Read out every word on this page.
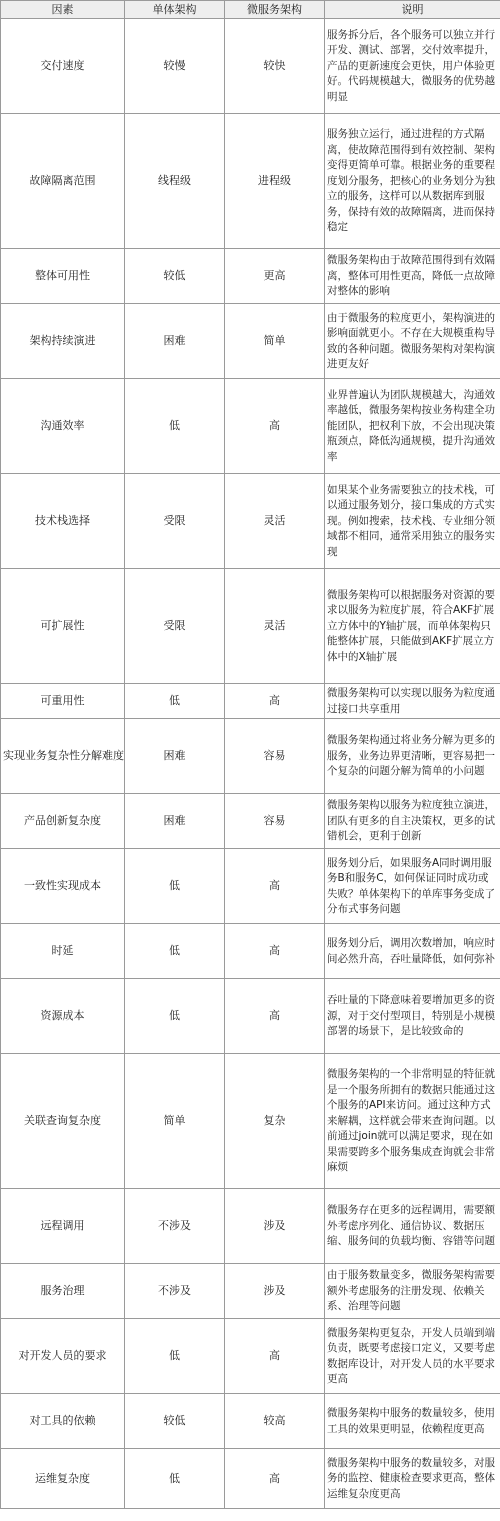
因素	单体架构	微服务架构	说明
交付速度	较慢	较快	服务拆分后，各个服务可以独立并行开发、测试、部署，交付效率提升，产品的更新速度会更快，用户体验更好。代码规模越大，微服务的优势越明显
故障隔离范围	线程级	进程级	服务独立运行，通过进程的方式隔离，使故障范围得到有效控制、架构变得更简单可靠。根据业务的重要程度划分服务，把核心的业务划分为独立的服务，这样可以从数据库到服务，保持有效的故障隔离，进而保持稳定
整体可用性	较低	更高	微服务架构由于故障范围得到有效隔离，整体可用性更高，降低一点故障对整体的影响
架构持续演进	困难	简单	由于微服务的粒度更小，架构演进的影响面就更小。不存在大规模重构导致的各种问题。微服务架构对架构演进更友好
沟通效率	低	高	业界普遍认为团队规模越大，沟通效率越低，微服务架构按业务构建全功能团队，把权利下放，不会出现决策瓶颈点，降低沟通规模，提升沟通效率
技术栈选择	受限	灵活	如果某个业务需要独立的技术栈，可以通过服务划分，接口集成的方式实现。例如搜索，技术栈、专业细分领域都不相同，通常采用独立的服务实现
可扩展性	受限	灵活	微服务架构可以根据服务对资源的要求以服务为粒度扩展，符合AKF扩展立方体中的Y轴扩展，而单体架构只能整体扩展，只能做到AKF扩展立方体中的X轴扩展
可重用性	低	高	微服务架构可以实现以服务为粒度通过接口共享重用
实现业务复杂性分解难度	困难	容易	微服务架构通过将业务分解为更多的服务，业务边界更清晰，更容易把一个复杂的问题分解为简单的小问题
产品创新复杂度	困难	容易	微服务架构以服务为粒度独立演进，团队有更多的自主决策权，更多的试错机会，更利于创新
一致性实现成本	低	高	服务划分后，如果服务A同时调用服务B和服务C，如何保证同时成功或失败？单体架构下的单库事务变成了分布式事务问题
时延	低	高	服务划分后，调用次数增加，响应时间必然升高，吞吐量降低，如何弥补
资源成本	低	高	吞吐量的下降意味着要增加更多的资源，对于交付型项目，特别是小规模部署的场景下，是比较致命的
关联查询复杂度	简单	复杂	微服务架构的一个非常明显的特征就是一个服务所拥有的数据只能通过这个服务的API来访问。通过这种方式来解耦，这样就会带来查询问题。以前通过join就可以满足要求，现在如果需要跨多个服务集成查询就会非常麻烦
远程调用	不涉及	涉及	微服务存在更多的远程调用，需要额外考虑序列化、通信协议、数据压缩、服务间的负载均衡、容错等问题
服务治理	不涉及	涉及	由于服务数量变多，微服务架构需要额外考虑服务的注册发现、依赖关系、治理等问题
对开发人员的要求	低	高	微服务架构更复杂，开发人员端到端负责，既要考虑接口定义，又要考虑数据库设计，对开发人员的水平要求更高
对工具的依赖	较低	较高	微服务架构中服务的数量较多，使用工具的效果更明显，依赖程度更高
运维复杂度	低	高	微服务架构中服务的数量较多，对服务的监控、健康检查要求更高，整体运维复杂度更高
